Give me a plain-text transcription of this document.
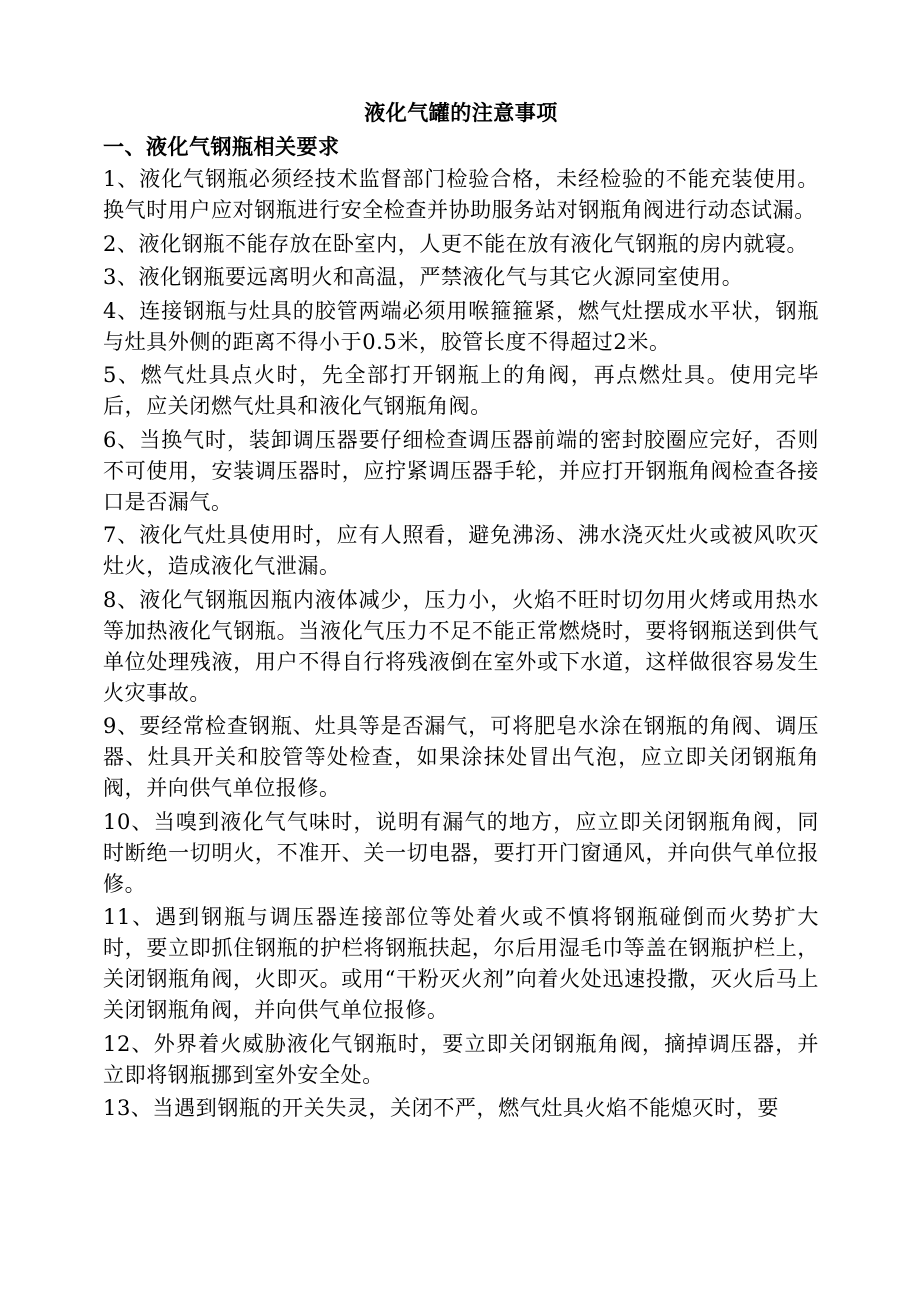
液化气罐的注意事项
一、液化气钢瓶相关要求
1、液化气钢瓶必须经技术监督部门检验合格，未经检验的不能充装使用。换气时用户应对钢瓶进行安全检查并协助服务站对钢瓶角阀进行动态试漏。
2、液化钢瓶不能存放在卧室内，人更不能在放有液化气钢瓶的房内就寝。
3、液化钢瓶要远离明火和高温，严禁液化气与其它火源同室使用。
4、连接钢瓶与灶具的胶管两端必须用喉箍箍紧，燃气灶摆成水平状，钢瓶与灶具外侧的距离不得小于0.5米，胶管长度不得超过2米。
5、燃气灶具点火时，先全部打开钢瓶上的角阀，再点燃灶具。使用完毕后，应关闭燃气灶具和液化气钢瓶角阀。
6、当换气时，装卸调压器要仔细检查调压器前端的密封胶圈应完好，否则不可使用，安装调压器时，应拧紧调压器手轮，并应打开钢瓶角阀检查各接口是否漏气。
7、液化气灶具使用时，应有人照看，避免沸汤、沸水浇灭灶火或被风吹灭灶火，造成液化气泄漏。
8、液化气钢瓶因瓶内液体减少，压力小，火焰不旺时切勿用火烤或用热水等加热液化气钢瓶。当液化气压力不足不能正常燃烧时，要将钢瓶送到供气单位处理残液，用户不得自行将残液倒在室外或下水道，这样做很容易发生火灾事故。
9、要经常检查钢瓶、灶具等是否漏气，可将肥皂水涂在钢瓶的角阀、调压器、灶具开关和胶管等处检查，如果涂抹处冒出气泡，应立即关闭钢瓶角阀，并向供气单位报修。
10、当嗅到液化气气味时，说明有漏气的地方，应立即关闭钢瓶角阀，同时断绝一切明火，不准开、关一切电器，要打开门窗通风，并向供气单位报修。
11、遇到钢瓶与调压器连接部位等处着火或不慎将钢瓶碰倒而火势扩大时，要立即抓住钢瓶的护栏将钢瓶扶起，尔后用湿毛巾等盖在钢瓶护栏上，关闭钢瓶角阀，火即灭。或用“干粉灭火剂”向着火处迅速投撒，灭火后马上关闭钢瓶角阀，并向供气单位报修。
12、外界着火威胁液化气钢瓶时，要立即关闭钢瓶角阀，摘掉调压器，并立即将钢瓶挪到室外安全处。
13、当遇到钢瓶的开关失灵，关闭不严，燃气灶具火焰不能熄灭时，要
